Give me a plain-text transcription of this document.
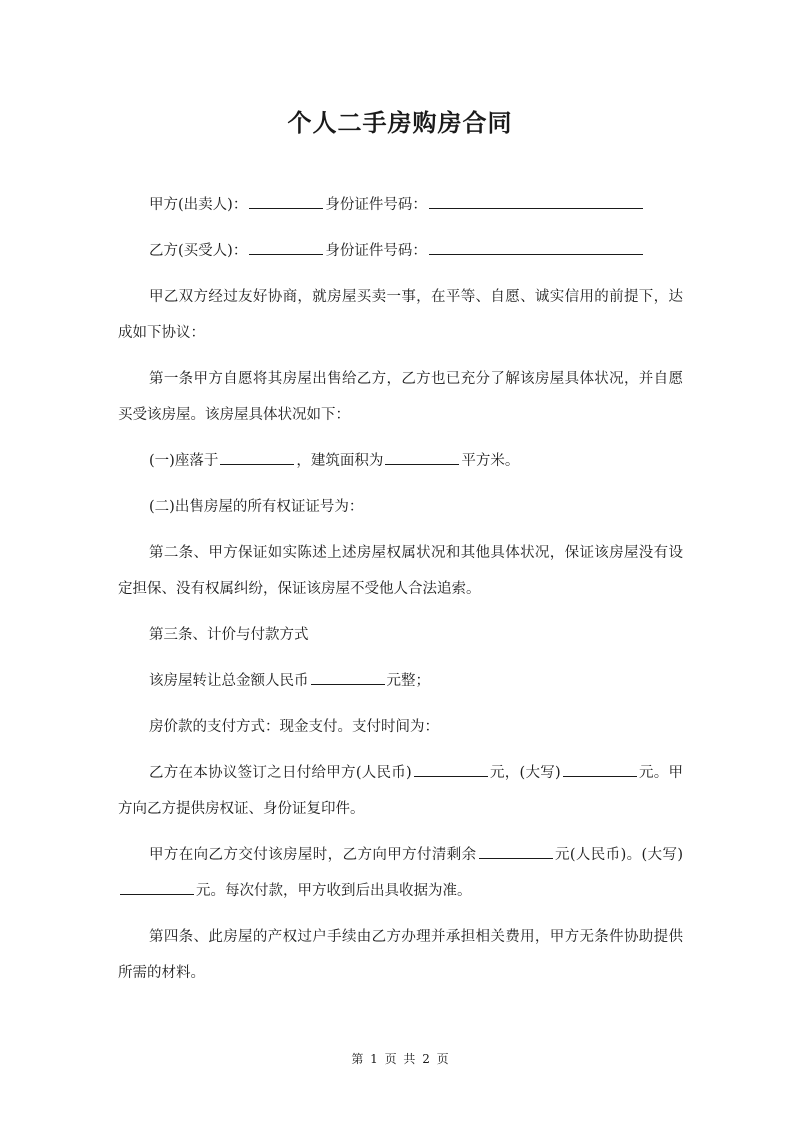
个人二手房购房合同

甲方(出卖人)：	身份证件号码：

乙方(买受人)：	身份证件号码：

甲乙双方经过友好协商，就房屋买卖一事，在平等、自愿、诚实信用的前提下，达成如下协议：

第一条甲方自愿将其房屋出售给乙方，乙方也已充分了解该房屋具体状况，并自愿买受该房屋。该房屋具体状况如下：

(一)座落于	，建筑面积为	平方米。

(二)出售房屋的所有权证证号为：

第二条、甲方保证如实陈述上述房屋权属状况和其他具体状况，保证该房屋没有设定担保、没有权属纠纷，保证该房屋不受他人合法追索。

第三条、计价与付款方式

该房屋转让总金额人民币	元整；

房价款的支付方式：现金支付。支付时间为：

乙方在本协议签订之日付给甲方(人民币)	元，(大写)	元。甲方向乙方提供房权证、身份证复印件。

甲方在向乙方交付该房屋时，乙方向甲方付清剩余	元(人民币)。(大写)元。每次付款，甲方收到后出具收据为准。

第四条、此房屋的产权过户手续由乙方办理并承担相关费用，甲方无条件协助提供所需的材料。

第 1 页 共 2 页
